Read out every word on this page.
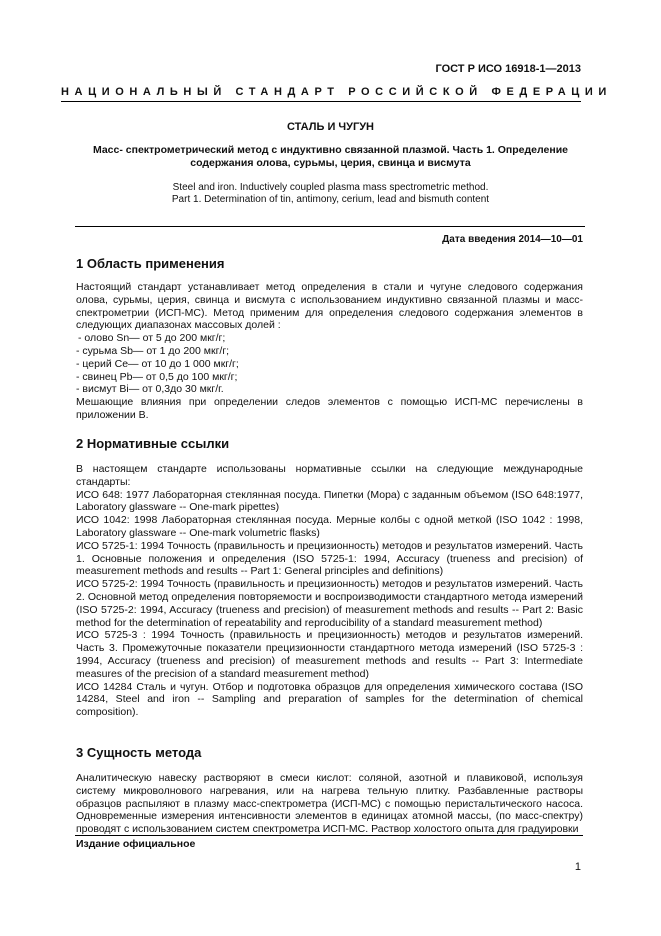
ГОСТ Р ИСО 16918-1—2013
НАЦИОНАЛЬНЫЙ СТАНДАРТ РОССИЙСКОЙ ФЕДЕРАЦИИ
СТАЛЬ И ЧУГУН
Масс- спектрометрический метод с индуктивно связанной плазмой. Часть 1. Определение
содержания олова, сурьмы, церия, свинца и висмута
Steel and iron. Inductively coupled plasma mass spectrometric method.
Part 1. Determination of tin, antimony, cerium, lead and bismuth content
Дата введения 2014—10—01
1 Область применения

Настоящий стандарт устанавливает метод определения в стали и чугуне следового содержания олова, сурьмы, церия, свинца и висмута с использованием индуктивно связанной плазмы и масс-спектрометрии (ИСП-МС). Метод применим для определения следового содержания элементов в следующих диапазонах массовых долей :

- олово Sn— от 5 до 200 мкг/г;

- сурьма Sb— от 1 до 200 мкг/г;

- церий Ce— от 10 до 1 000 мкг/г;

- свинец Pb— от 0,5 до 100 мкг/г;

- висмут Bi— от 0,3до 30 мкг/г.

Мешающие влияния при определении следов элементов с помощью ИСП-МС перечислены в приложении В.

2 Нормативные ссылки

В настоящем стандарте использованы нормативные ссылки на следующие международные стандарты:

ИСО 648: 1977 Лабораторная стеклянная посуда. Пипетки (Мора) с заданным объемом (ISO 648:1977, Laboratory glassware -- One-mark pipettes)

ИСО 1042: 1998 Лабораторная стеклянная посуда. Мерные колбы с одной меткой (ISO 1042 : 1998, Laboratory glassware -- One-mark volumetric flasks)

ИСО 5725-1: 1994 Точность (правильность и прецизионность) методов и результатов измерений. Часть 1. Основные положения и определения (ISO 5725-1: 1994, Accuracy (trueness and precision) of measurement methods and results -- Part 1: General principles and definitions)

ИСО 5725-2: 1994 Точность (правильность и прецизионность) методов и результатов измерений. Часть 2. Основной метод определения повторяемости и воспроизводимости стандартного метода измерений (ISO 5725-2: 1994, Accuracy (trueness and precision) of measurement methods and results -- Part 2: Basic method for the determination of repeatability and reproducibility of a standard measurement method)

ИСО 5725-3 : 1994 Точность (правильность и прецизионность) методов и результатов измерений. Часть 3. Промежуточные показатели прецизионности стандартного метода измерений (ISO 5725-3 : 1994, Accuracy (trueness and precision) of measurement methods and results -- Part 3: Intermediate measures of the precision of a standard measurement method)

ИСО 14284 Сталь и чугун. Отбор и подготовка образцов для определения химического состава (ISO 14284, Steel and iron -- Sampling and preparation of samples for the determination of chemical composition).

3 Сущность метода

Аналитическую навеску растворяют в смеси кислот: соляной, азотной и плавиковой, используя систему микроволнового нагревания, или на нагрева тельную плитку. Разбавленные растворы образцов распыляют в плазму масс-спектрометра (ИСП-МС) с помощью перистальтического насоса. Одновременные измерения интенсивности элементов в единицах атомной массы, (по масс-спектру) проводят с использованием систем спектрометра ИСП-МС. Раствор холостого опыта для градуировки

Издание официальное
1
